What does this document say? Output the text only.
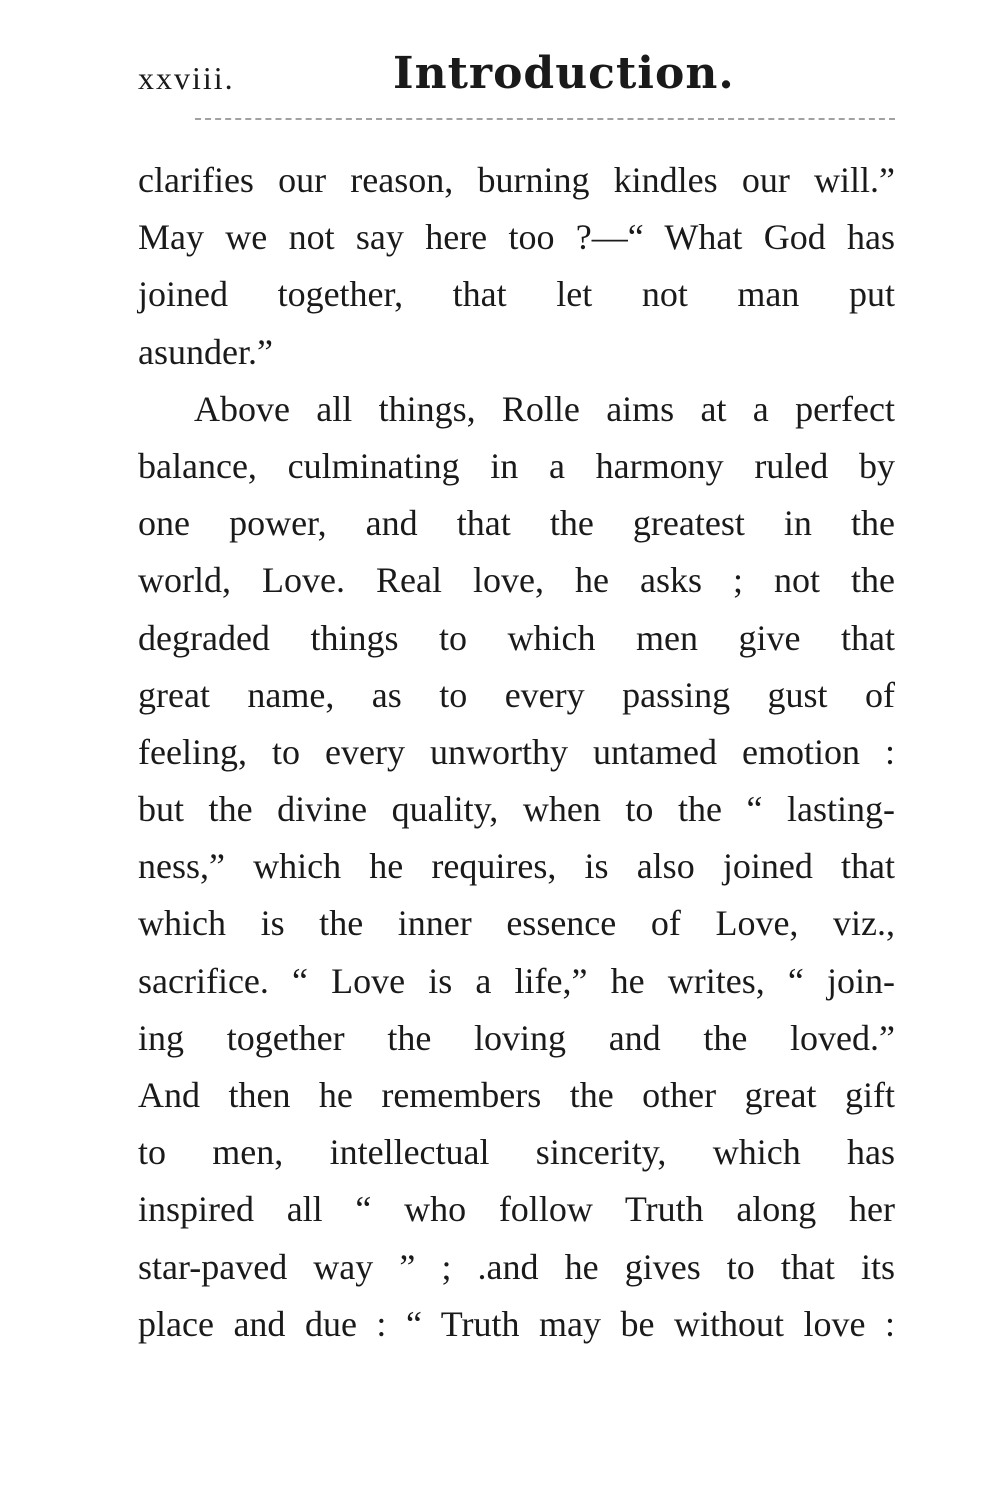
xxviii.	Introduction.
clarifies our reason, burning kindles our will.”
May we not say here too ?—“ What God has
joined together, that let not man put
asunder.”
Above all things, Rolle aims at a perfect
balance, culminating in a harmony ruled by
one power, and that the greatest in the
world, Love. Real love, he asks ; not the
degraded things to which men give that
great name, as to every passing gust of
feeling, to every unworthy untamed emotion :
but the divine quality, when to the “ lasting-
ness,” which he requires, is also joined that
which is the inner essence of Love, viz.,
sacrifice. “ Love is a life,” he writes, “ join-
ing together the loving and the loved.”
And then he remembers the other great gift
to men, intellectual sincerity, which has
inspired all “ who follow Truth along her
star-paved way ” ; .and he gives to that its
place and due : “ Truth may be without love :
